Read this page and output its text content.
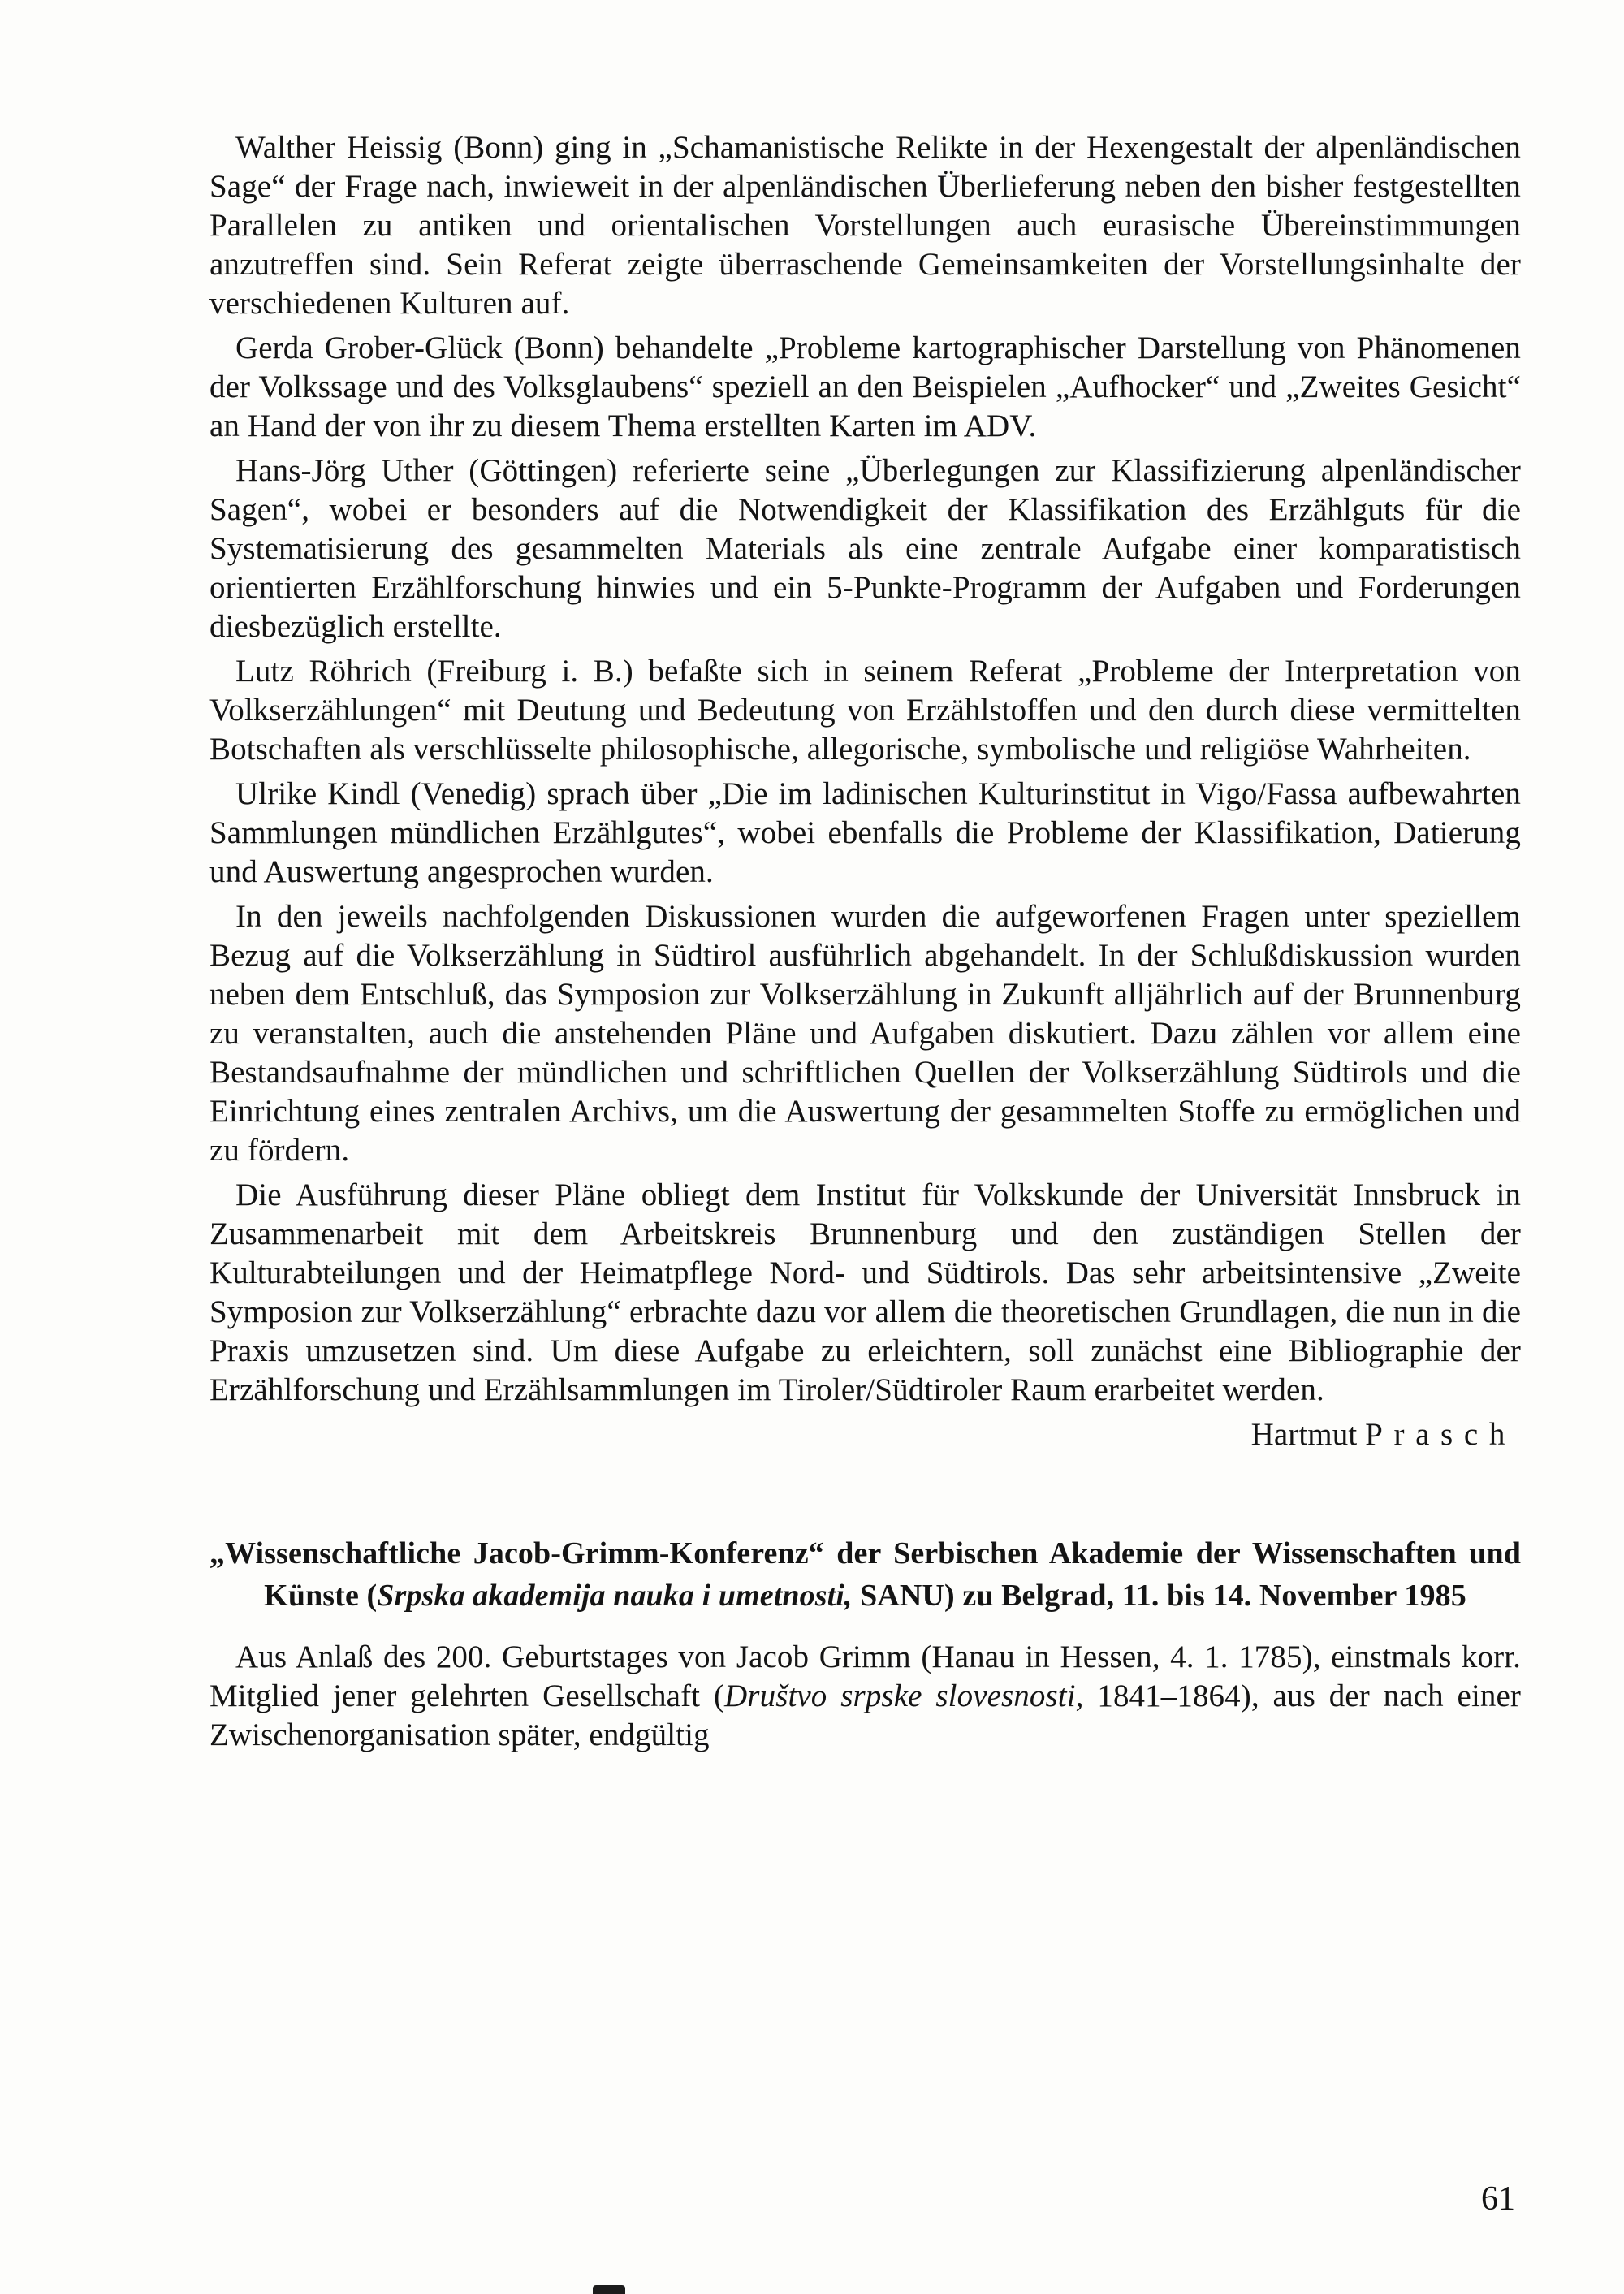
Walther Heissig (Bonn) ging in „Schamanistische Relikte in der Hexengestalt der alpenländischen Sage“ der Frage nach, inwieweit in der alpenländischen Überlieferung neben den bisher festgestellten Parallelen zu antiken und orientalischen Vorstellungen auch eurasische Übereinstimmungen anzutreffen sind. Sein Referat zeigte überraschende Gemeinsamkeiten der Vorstellungsinhalte der verschiedenen Kulturen auf.

Gerda Grober-Glück (Bonn) behandelte „Probleme kartographischer Darstellung von Phänomenen der Volkssage und des Volksglaubens“ speziell an den Beispielen „Aufhocker“ und „Zweites Gesicht“ an Hand der von ihr zu diesem Thema erstellten Karten im ADV.

Hans-Jörg Uther (Göttingen) referierte seine „Überlegungen zur Klassifizierung alpenländischer Sagen“, wobei er besonders auf die Notwendigkeit der Klassifikation des Erzählguts für die Systematisierung des gesammelten Materials als eine zentrale Aufgabe einer komparatistisch orientierten Erzählforschung hinwies und ein 5-Punkte-Programm der Aufgaben und Forderungen diesbezüglich erstellte.

Lutz Röhrich (Freiburg i. B.) befaßte sich in seinem Referat „Probleme der Interpretation von Volkserzählungen“ mit Deutung und Bedeutung von Erzählstoffen und den durch diese vermittelten Botschaften als verschlüsselte philosophische, allegorische, symbolische und religiöse Wahrheiten.

Ulrike Kindl (Venedig) sprach über „Die im ladinischen Kulturinstitut in Vigo/Fassa aufbewahrten Sammlungen mündlichen Erzählgutes“, wobei ebenfalls die Probleme der Klassifikation, Datierung und Auswertung angesprochen wurden.

In den jeweils nachfolgenden Diskussionen wurden die aufgeworfenen Fragen unter speziellem Bezug auf die Volkserzählung in Südtirol ausführlich abgehandelt. In der Schlußdiskussion wurden neben dem Entschluß, das Symposion zur Volkserzählung in Zukunft alljährlich auf der Brunnenburg zu veranstalten, auch die anstehenden Pläne und Aufgaben diskutiert. Dazu zählen vor allem eine Bestandsaufnahme der mündlichen und schriftlichen Quellen der Volkserzählung Südtirols und die Einrichtung eines zentralen Archivs, um die Auswertung der gesammelten Stoffe zu ermöglichen und zu fördern.

Die Ausführung dieser Pläne obliegt dem Institut für Volkskunde der Universität Innsbruck in Zusammenarbeit mit dem Arbeitskreis Brunnenburg und den zuständigen Stellen der Kulturabteilungen und der Heimatpflege Nord- und Südtirols. Das sehr arbeitsintensive „Zweite Symposion zur Volkserzählung“ erbrachte dazu vor allem die theoretischen Grundlagen, die nun in die Praxis umzusetzen sind. Um diese Aufgabe zu erleichtern, soll zunächst eine Bibliographie der Erzählforschung und Erzählsammlungen im Tiroler/Südtiroler Raum erarbeitet werden.

Hartmut Prasch
„Wissenschaftliche Jacob-Grimm-Konferenz“ der Serbischen Akademie der Wissenschaften und Künste (Srpska akademija nauka i umetnosti, SANU) zu Belgrad, 11. bis 14. November 1985

Aus Anlaß des 200. Geburtstages von Jacob Grimm (Hanau in Hessen, 4. 1. 1785), einstmals korr. Mitglied jener gelehrten Gesellschaft (Društvo srpske slovesnosti, 1841–1864), aus der nach einer Zwischenorganisation später, endgültig

61
